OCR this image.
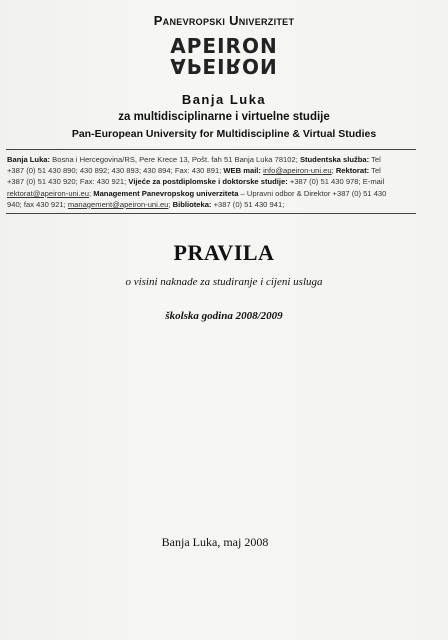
Panevropski Univerzitet
APEIRON
APEIRON
Banja Luka
za multidisciplinarne i virtuelne studije
Pan-European University for Multidiscipline & Virtual Studies
Banja Luka: Bosna i Hercegovina/RS, Pere Krece 13, Pošt. fah 51 Banja Luka 78102; Studentska služba: Tel
+387 (0) 51 430 890; 430 892; 430 893; 430 894; Fax: 430 891; WEB mail: info@apeiron-uni.eu; Rektorat: Tel
+387 (0) 51 430 920; Fax: 430 921; Vijeće za postdiplomske i doktorske studije: +387 (0) 51 430 978; E-mail
rektorat@apeiron-uni.eu; Management Panevropskog univerziteta – Upravni odbor & Direktor +387 (0) 51 430
940; fax 430 921; management@apeiron-uni.eu; Biblioteka: +387 (0) 51 430 941;
PRAVILA
o visini naknade za studiranje i cijeni usluga
školska godina 2008/2009
Banja Luka, maj 2008
